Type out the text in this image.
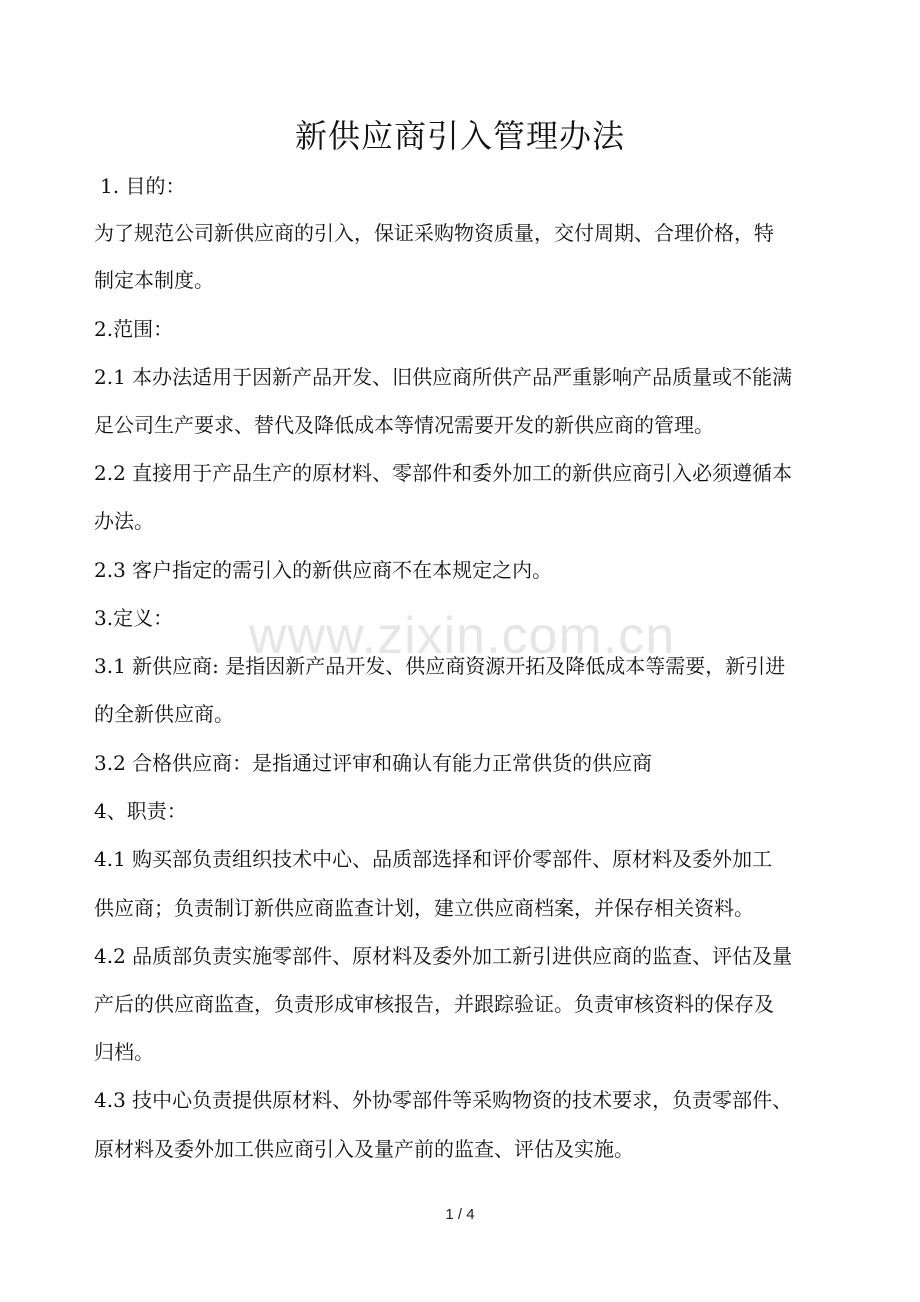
www.zixin.com.cn
新供应商引入管理办法
1. 目的：
为了规范公司新供应商的引入，保证采购物资质量，交付周期、合理价格，特
制定本制度。
2.范围：
2.1 本办法适用于因新产品开发、旧供应商所供产品严重影响产品质量或不能满
足公司生产要求、替代及降低成本等情况需要开发的新供应商的管理。
2.2 直接用于产品生产的原材料、零部件和委外加工的新供应商引入必须遵循本
办法。
2.3 客户指定的需引入的新供应商不在本规定之内。
3.定义：
3.1 新供应商: 是指因新产品开发、供应商资源开拓及降低成本等需要，新引进
的全新供应商。
3.2 合格供应商：是指通过评审和确认有能力正常供货的供应商
4、职责：
4.1 购买部负责组织技术中心、品质部选择和评价零部件、原材料及委外加工
供应商；负责制订新供应商监查计划，建立供应商档案，并保存相关资料。
4.2 品质部负责实施零部件、原材料及委外加工新引进供应商的监查、评估及量
产后的供应商监查，负责形成审核报告，并跟踪验证。负责审核资料的保存及
归档。
4.3 技中心负责提供原材料、外协零部件等采购物资的技术要求，负责零部件、
原材料及委外加工供应商引入及量产前的监查、评估及实施。
1 / 4
